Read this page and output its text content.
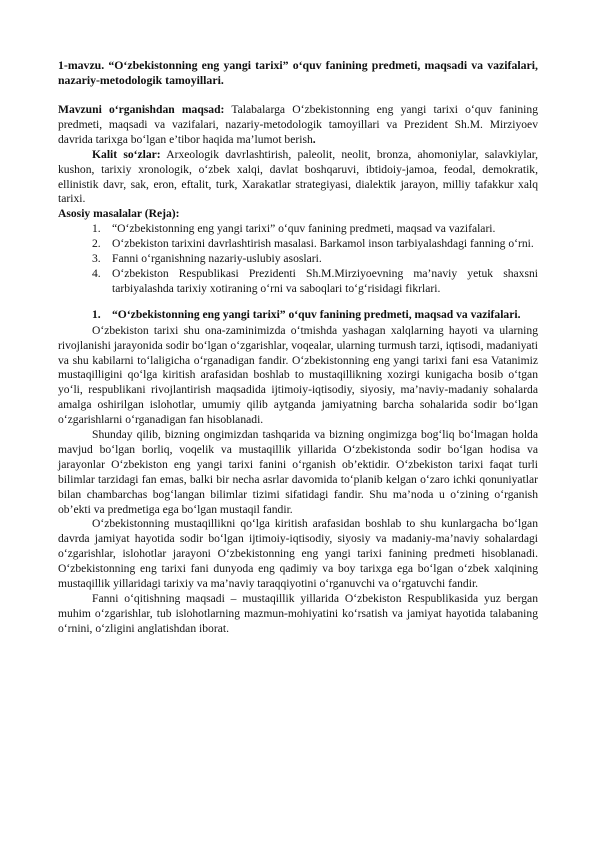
1-mavzu. “O‘zbekistonning eng yangi tarixi” o‘quv fanining predmeti, maqsadi va vazifalari, nazariy-metodologik tamoyillari.

Mavzuni o‘rganishdan maqsad: Talabalarga O‘zbekistonning eng yangi tarixi o‘quv fanining predmeti, maqsadi va vazifalari, nazariy-metodologik tamoyillari va Prezident Sh.M. Mirziyoev davrida tarixga bo‘lgan e’tibor haqida ma’lumot berish.

Kalit so‘zlar: Arxeologik davrlashtirish, paleolit, neolit, bronza, ahomoniylar, salavkiylar, kushon, tarixiy xronologik, o‘zbek xalqi, davlat boshqaruvi, ibtidoiy-jamoa, feodal, demokratik, ellinistik davr, sak, eron, eftalit, turk, Xarakatlar strategiyasi, dialektik jarayon, milliy tafakkur xalq tarixi.

Asosiy masalalar (Reja):

1. “O‘zbekistonning eng yangi tarixi” o‘quv fanining predmeti, maqsad va vazifalari.
2. O‘zbekiston tarixini davrlashtirish masalasi. Barkamol inson tarbiyalashdagi fanning o‘rni.
3. Fanni o‘rganishning nazariy-uslubiy asoslari.
4. O‘zbekiston Respublikasi Prezidenti Sh.M.Mirziyoevning ma’naviy yetuk shaxsni tarbiyalashda tarixiy xotiraning o‘rni va saboqlari to‘g‘risidagi fikrlari.

1. “O‘zbekistonning eng yangi tarixi” o‘quv fanining predmeti, maqsad va vazifalari.

O‘zbekiston tarixi shu ona-zaminimizda o‘tmishda yashagan xalqlarning hayoti va ularning rivojlanishi jarayonida sodir bo‘lgan o‘zgarishlar, voqealar, ularning turmush tarzi, iqtisodi, madaniyati va shu kabilarni to‘laligicha o‘rganadigan fandir. O‘zbekistonning eng yangi tarixi fani esa Vatanimiz mustaqilligini qo‘lga kiritish arafasidan boshlab to mustaqillikning xozirgi kunigacha bosib o‘tgan yo‘li, respublikani rivojlantirish maqsadida ijtimoiy-iqtisodiy, siyosiy, ma’naviy-madaniy sohalarda amalga oshirilgan islohotlar, umumiy qilib aytganda jamiyatning barcha sohalarida sodir bo‘lgan o‘zgarishlarni o‘rganadigan fan hisoblanadi.

Shunday qilib, bizning ongimizdan tashqarida va bizning ongimizga bog‘liq bo‘lmagan holda mavjud bo‘lgan borliq, voqelik va mustaqillik yillarida O‘zbekistonda sodir bo‘lgan hodisa va jarayonlar O‘zbekiston eng yangi tarixi fanini o‘rganish ob’ektidir. O‘zbekiston tarixi faqat turli bilimlar tarzidagi fan emas, balki bir necha asrlar davomida to‘planib kelgan o‘zaro ichki qonuniyatlar bilan chambarchas bog‘langan bilimlar tizimi sifatidagi fandir. Shu ma’noda u o‘zining o‘rganish ob’ekti va predmetiga ega bo‘lgan mustaqil fandir.

O‘zbekistonning mustaqillikni qo‘lga kiritish arafasidan boshlab to shu kunlargacha bo‘lgan davrda jamiyat hayotida sodir bo‘lgan ijtimoiy-iqtisodiy, siyosiy va madaniy-ma’naviy sohalardagi o‘zgarishlar, islohotlar jarayoni O‘zbekistonning eng yangi tarixi fanining predmeti hisoblanadi. O‘zbekistonning eng tarixi fani dunyoda eng qadimiy va boy tarixga ega bo‘lgan o‘zbek xalqining mustaqillik yillaridagi tarixiy va ma’naviy taraqqiyotini o‘rganuvchi va o‘rgatuvchi fandir.

Fanni o‘qitishning maqsadi – mustaqillik yillarida O‘zbekiston Respublikasida yuz bergan muhim o‘zgarishlar, tub islohotlarning mazmun-mohiyatini ko‘rsatish va jamiyat hayotida talabaning o‘rnini, o‘zligini anglatishdan iborat.
